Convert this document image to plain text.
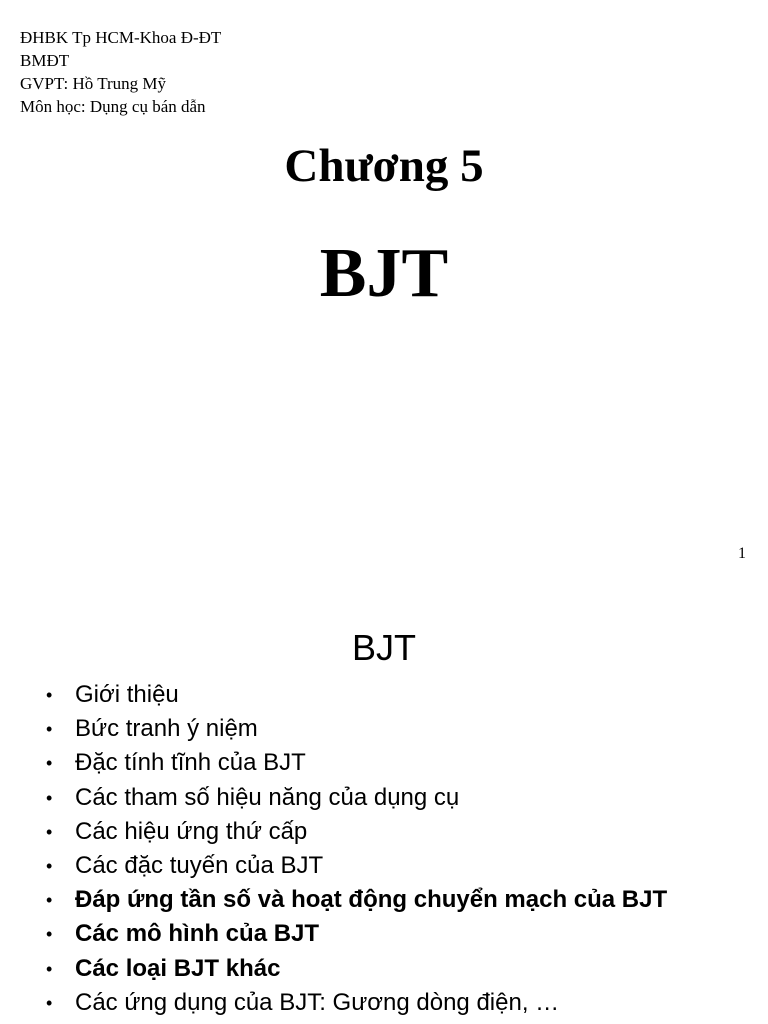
ĐHBK Tp HCM-Khoa Đ-ĐT
BMĐT
GVPT: Hồ Trung Mỹ
Môn học: Dụng cụ bán dẫn
Chương 5
BJT
1
BJT
• Giới thiệu
• Bức tranh ý niệm
• Đặc tính tĩnh của BJT
• Các tham số hiệu năng của dụng cụ
• Các hiệu ứng thứ cấp
• Các đặc tuyến của BJT
• Đáp ứng tần số và hoạt động chuyển mạch của BJT
• Các mô hình của BJT
• Các loại BJT khác
• Các ứng dụng của BJT: Gương dòng điện, …
